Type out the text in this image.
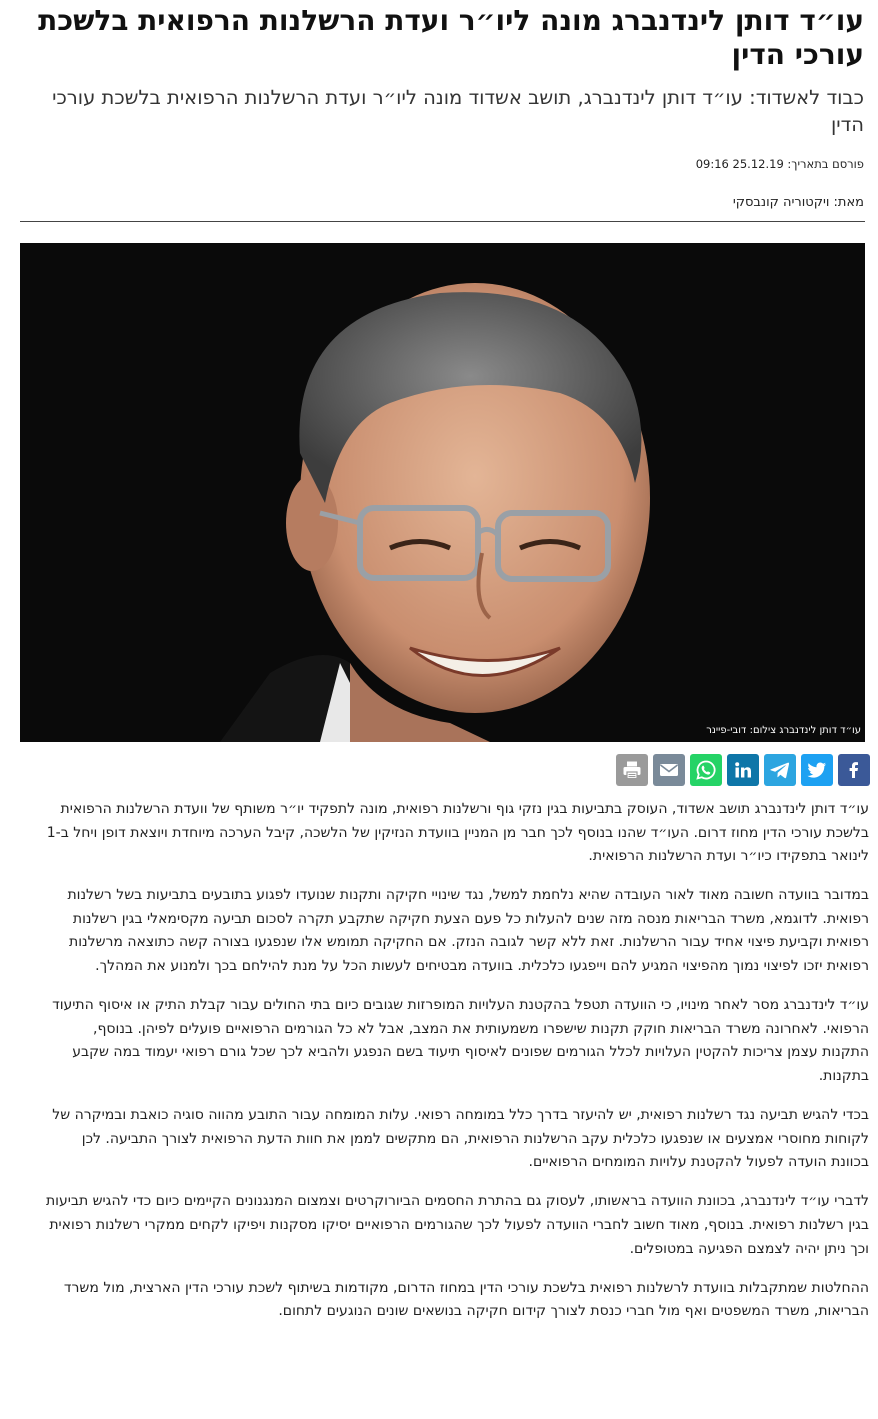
עו״ד דותן לינדנברג מונה ליו״ר ועדת הרשלנות הרפואית בלשכת עורכי הדין
כבוד לאשדוד: עו״ד דותן לינדנברג, תושב אשדוד מונה ליו״ר ועדת הרשלנות הרפואית בלשכת עורכי הדין
פורסם בתאריך: 25.12.19 09:16
מאת: ויקטוריה קונבסקי
עו״ד דותן לינדנברג צילום: דובי-פיינר

עו״ד דותן לינדנברג תושב אשדוד, העוסק בתביעות בגין נזקי גוף ורשלנות רפואית, מונה לתפקיד יו״ר משותף של וועדת הרשלנות הרפואית בלשכת עורכי הדין מחוז דרום. העו״ד שהנו בנוסף לכך חבר מן המניין בוועדת הנזיקין של הלשכה, קיבל הערכה מיוחדת ויוצאת דופן ויחל ב-1 לינואר בתפקידו כיו״ר ועדת הרשלנות הרפואית.

במדובר בוועדה חשובה מאוד לאור העובדה שהיא נלחמת למשל, נגד שינויי חקיקה ותקנות שנועדו לפגוע בתובעים בתביעות בשל רשלנות רפואית. לדוגמא, משרד הבריאות מנסה מזה שנים להעלות כל פעם הצעת חקיקה שתקבע תקרה לסכום תביעה מקסימאלי בגין רשלנות רפואית וקביעת פיצוי אחיד עבור הרשלנות. זאת ללא קשר לגובה הנזק. אם החקיקה תמומש אלו שנפגעו בצורה קשה כתוצאה מרשלנות רפואית יזכו לפיצוי נמוך מהפיצוי המגיע להם וייפגעו כלכלית. בוועדה מבטיחים לעשות הכל על מנת להילחם בכך ולמנוע את המהלך.

עו״ד לינדנברג מסר לאחר מינויו, כי הוועדה תטפל בהקטנת העלויות המופרזות שגובים כיום בתי החולים עבור קבלת התיק או איסוף התיעוד הרפואי. לאחרונה משרד הבריאות חוקק תקנות שישפרו משמעותית את המצב, אבל לא כל הגורמים הרפואיים פועלים לפיהן. בנוסף, התקנות עצמן צריכות להקטין העלויות לכלל הגורמים שפונים לאיסוף תיעוד בשם הנפגע ולהביא לכך שכל גורם רפואי יעמוד במה שקבע בתקנות.

בכדי להגיש תביעה נגד רשלנות רפואית, יש להיעזר בדרך כלל במומחה רפואי. עלות המומחה עבור התובע מהווה סוגיה כואבת ובמיקרה של לקוחות מחוסרי אמצעים או שנפגעו כלכלית עקב הרשלנות הרפואית, הם מתקשים לממן את חוות הדעת הרפואית לצורך התביעה. לכן בכוונת הועדה לפעול להקטנת עלויות המומחים הרפואיים.

לדברי עו״ד לינדנברג, בכוונת הוועדה בראשותו, לעסוק גם בהתרת החסמים הביורוקרטים וצמצום המנגנונים הקיימים כיום כדי להגיש תביעות בגין רשלנות רפואית. בנוסף, מאוד חשוב לחברי הוועדה לפעול לכך שהגורמים הרפואיים יסיקו מסקנות ויפיקו לקחים ממקרי רשלנות רפואית וכך ניתן יהיה לצמצם הפגיעה במטופלים.

ההחלטות שמתקבלות בוועדת לרשלנות רפואית בלשכת עורכי הדין במחוז הדרום, מקודמות בשיתוף לשכת עורכי הדין הארצית, מול משרד הבריאות, משרד המשפטים ואף מול חברי כנסת לצורך קידום חקיקה בנושאים שונים הנוגעים לתחום.
